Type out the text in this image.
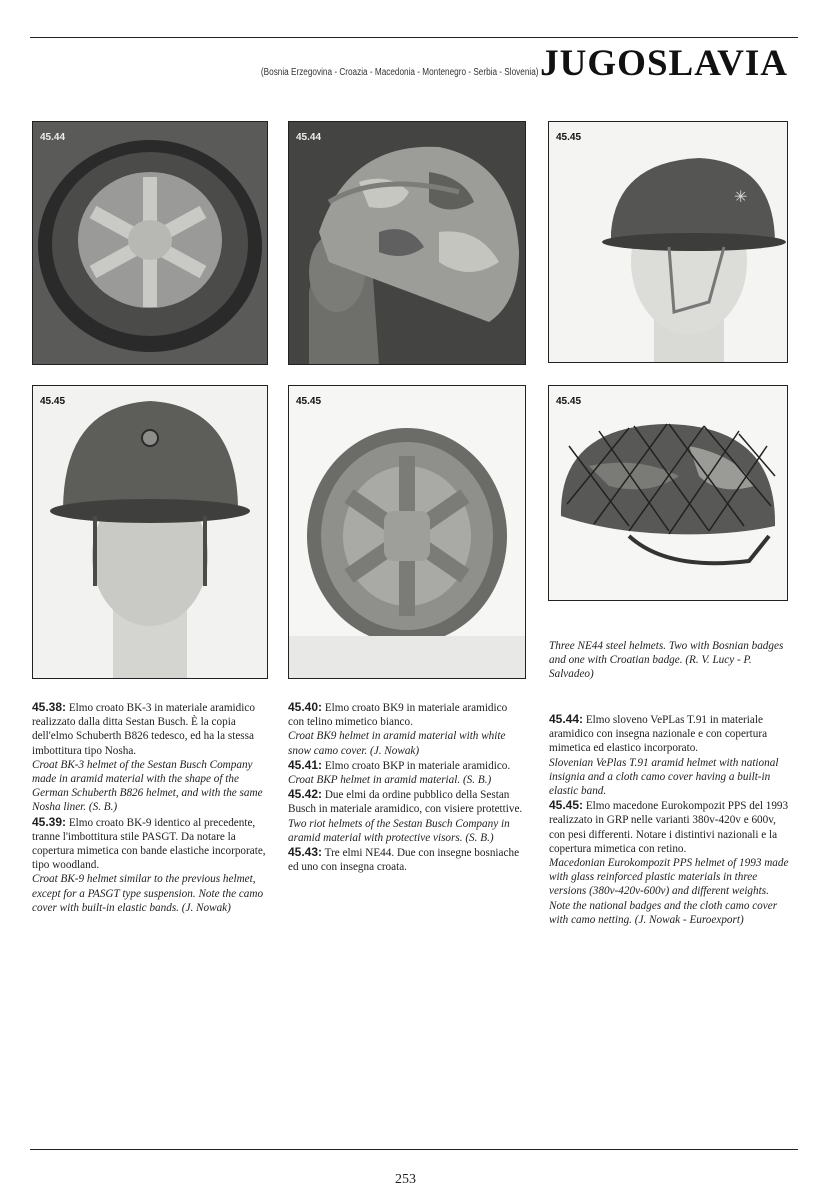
(Bosnia Erzegovina - Croazia - Macedonia - Montenegro - Serbia - Slovenia) JUGOSLAVIA
45.44	45.44
✳
45.45
45.45	45.45	45.45

Three NE44 steel helmets. Two with Bosnian badges and one with Croatian badge. (R. V. Lucy - P. Salvadeo)

45.38: Elmo croato BK-3 in materiale aramidico realizzato dalla ditta Sestan Busch. È la copia dell'elmo Schuberth B826 tedesco, ed ha la stessa imbottitura tipo Nosha.

Croat BK-3 helmet of the Sestan Busch Company made in aramid material with the shape of the German Schuberth B826 helmet, and with the same Nosha liner. (S. B.)

45.39: Elmo croato BK-9 identico al precedente, tranne l'imbottitura stile PASGT. Da notare la copertura mimetica con bande elastiche incorporate, tipo woodland.

Croat BK-9 helmet similar to the previous helmet, except for a PASGT type suspension. Note the camo cover with built-in elastic bands. (J. Nowak)

45.40: Elmo croato BK9 in materiale aramidico con telino mimetico bianco.

Croat BK9 helmet in aramid material with white snow camo cover. (J. Nowak)

45.41: Elmo croato BKP in materiale aramidico.

Croat BKP helmet in aramid material. (S. B.)

45.42: Due elmi da ordine pubblico della Sestan Busch in materiale aramidico, con visiere protettive.

Two riot helmets of the Sestan Busch Company in aramid material with protective visors. (S. B.)

45.43: Tre elmi NE44. Due con insegne bosniache ed uno con insegna croata.

45.44: Elmo sloveno VePLas T.91 in materiale aramidico con insegna nazionale e con copertura mimetica ed elastico incorporato.

Slovenian VePlas T.91 aramid helmet with national insignia and a cloth camo cover having a built-in elastic band.

45.45: Elmo macedone Eurokompozit PPS del 1993 realizzato in GRP nelle varianti 380v-420v e 600v, con pesi differenti. Notare i distintivi nazionali e la copertura mimetica con retino.

Macedonian Eurokompozit PPS helmet of 1993 made with glass reinforced plastic materials in three versions (380v-420v-600v) and different weights. Note the national badges and the cloth camo cover with camo netting. (J. Nowak - Euroexport)

253
